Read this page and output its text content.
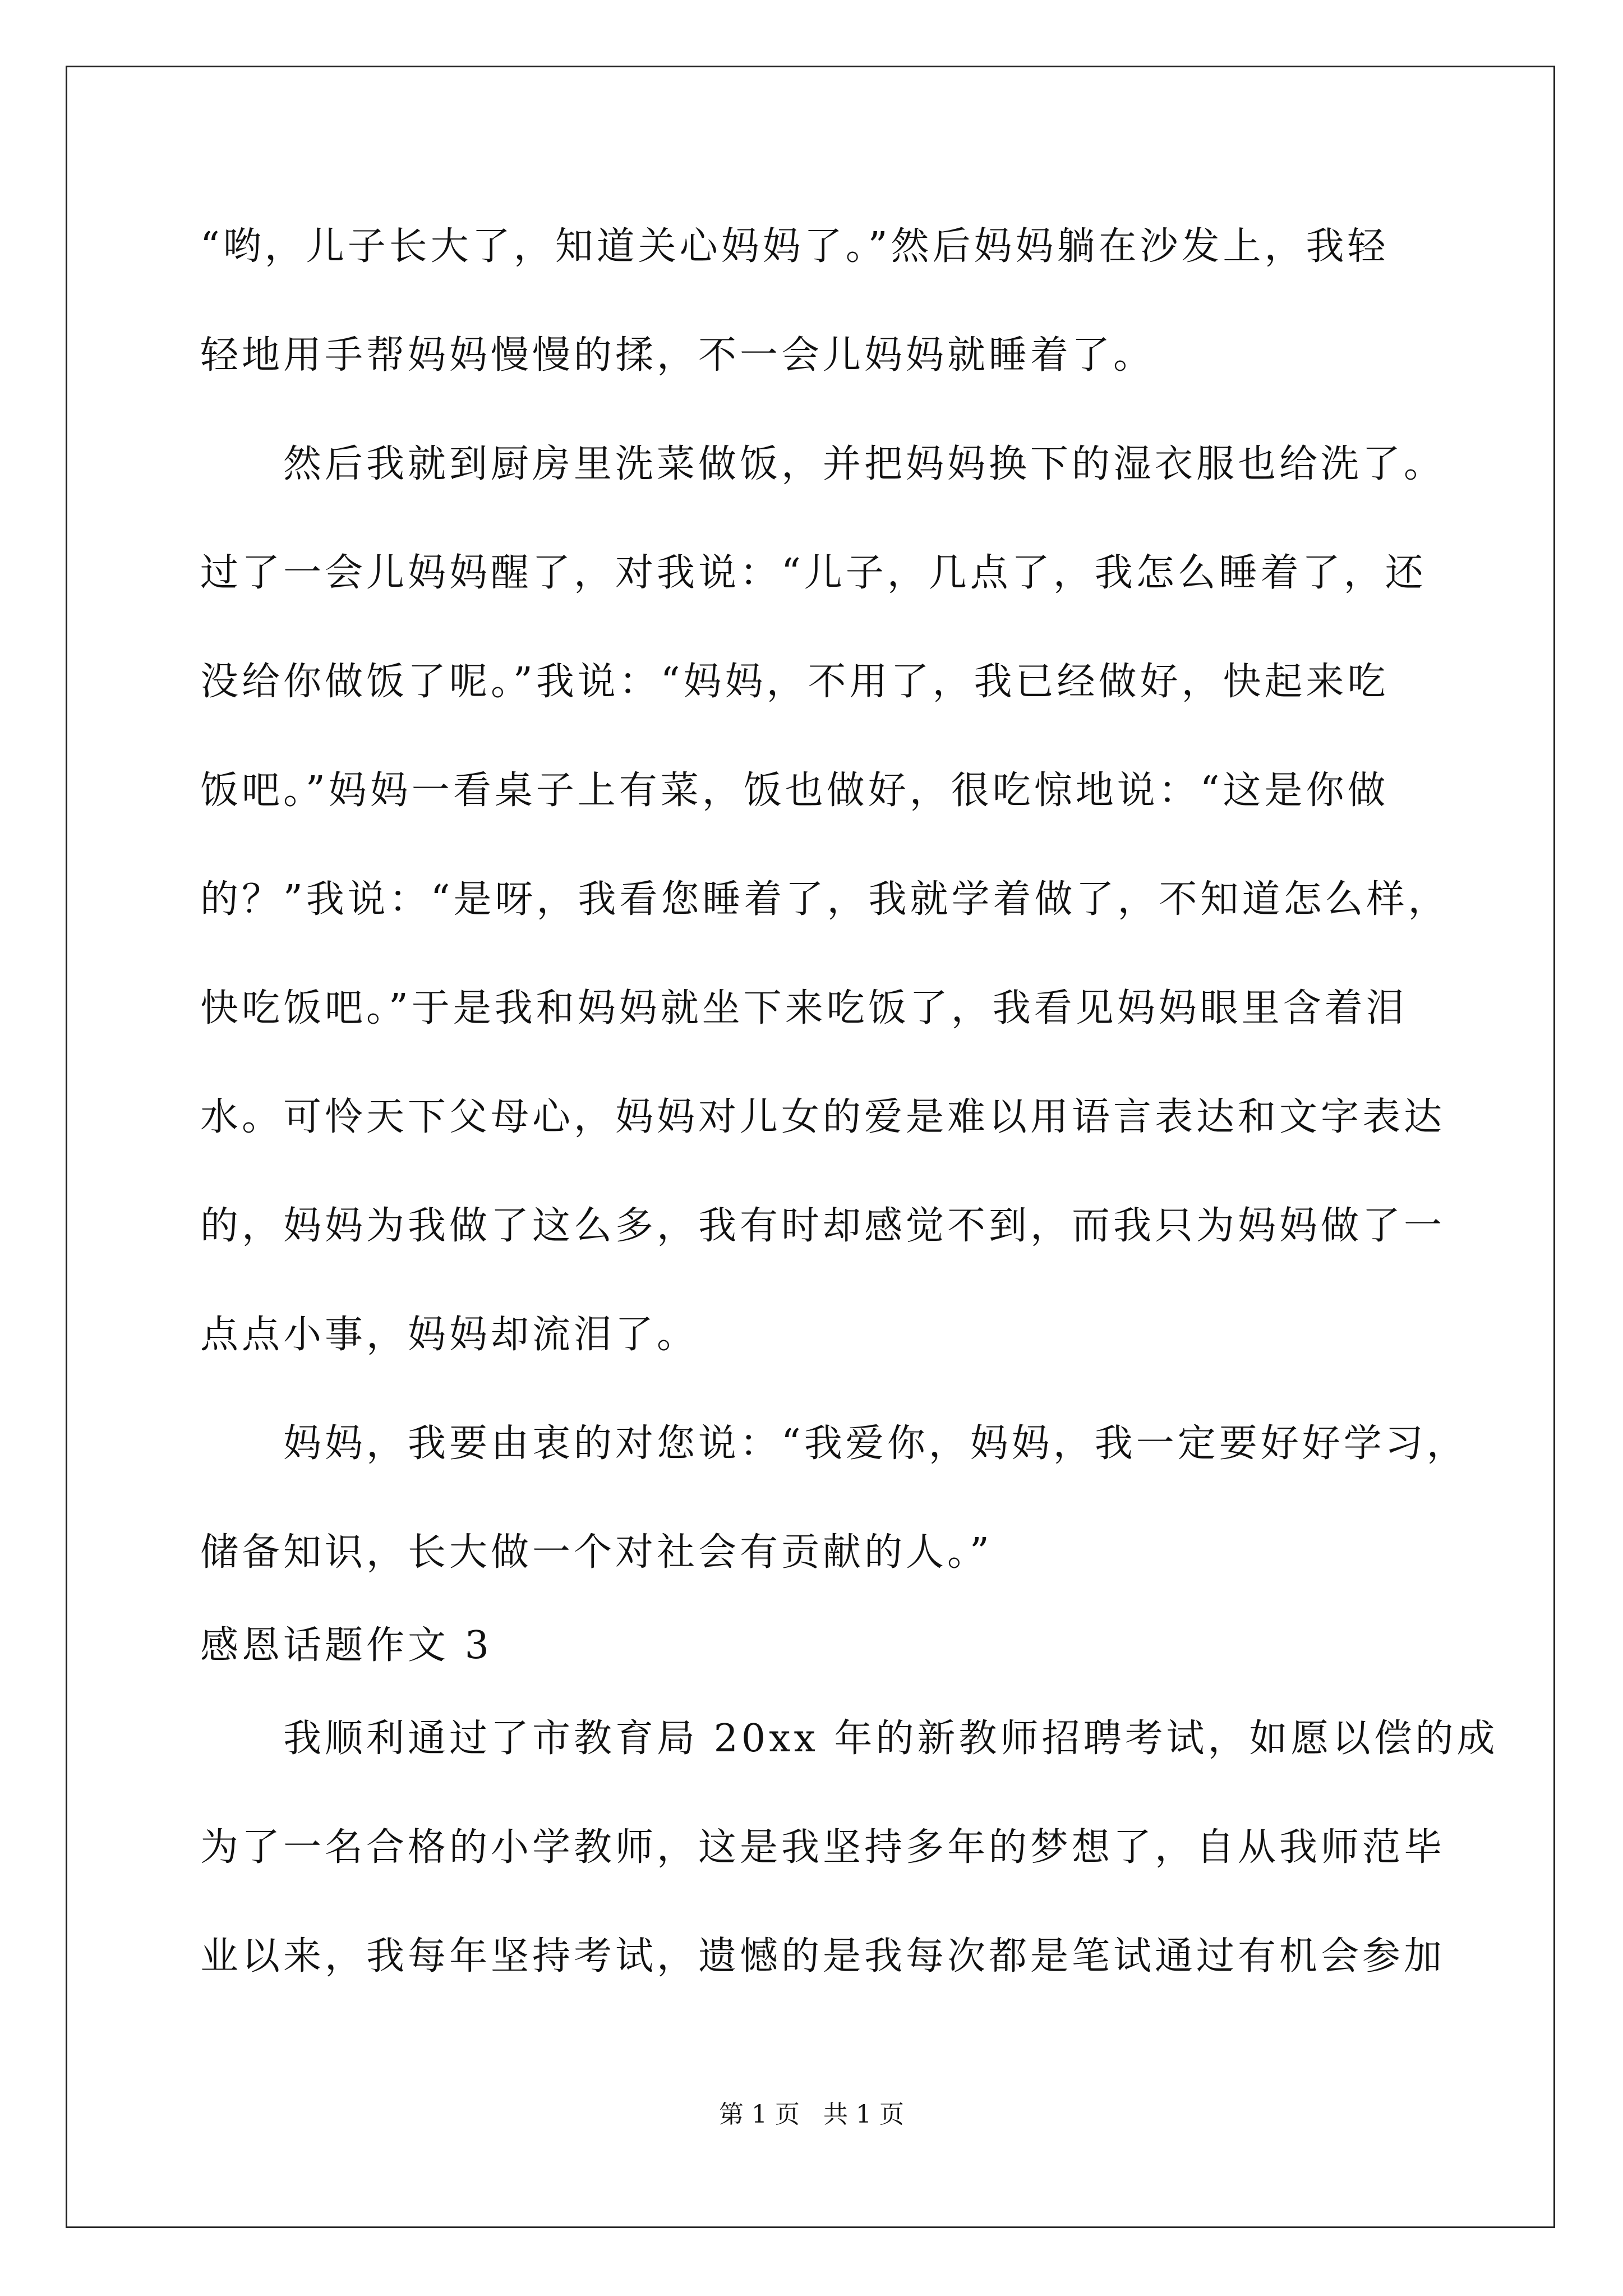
“哟，儿子长大了，知道关心妈妈了。”然后妈妈躺在沙发上，我轻
轻地用手帮妈妈慢慢的揉，不一会儿妈妈就睡着了。
然后我就到厨房里洗菜做饭，并把妈妈换下的湿衣服也给洗了。
过了一会儿妈妈醒了，对我说：“儿子，几点了，我怎么睡着了，还
没给你做饭了呢。”我说：“妈妈，不用了，我已经做好，快起来吃
饭吧。”妈妈一看桌子上有菜，饭也做好，很吃惊地说：“这是你做
的？”我说：“是呀，我看您睡着了，我就学着做了，不知道怎么样，
快吃饭吧。”于是我和妈妈就坐下来吃饭了，我看见妈妈眼里含着泪
水。可怜天下父母心，妈妈对儿女的爱是难以用语言表达和文字表达
的，妈妈为我做了这么多，我有时却感觉不到，而我只为妈妈做了一
点点小事，妈妈却流泪了。
妈妈，我要由衷的对您说：“我爱你，妈妈，我一定要好好学习，
储备知识，长大做一个对社会有贡献的人。”
感恩话题作文 3
我顺利通过了市教育局 20xx 年的新教师招聘考试，如愿以偿的成
为了一名合格的小学教师，这是我坚持多年的梦想了，自从我师范毕
业以来，我每年坚持考试，遗憾的是我每次都是笔试通过有机会参加
第 1 页   共 1 页
